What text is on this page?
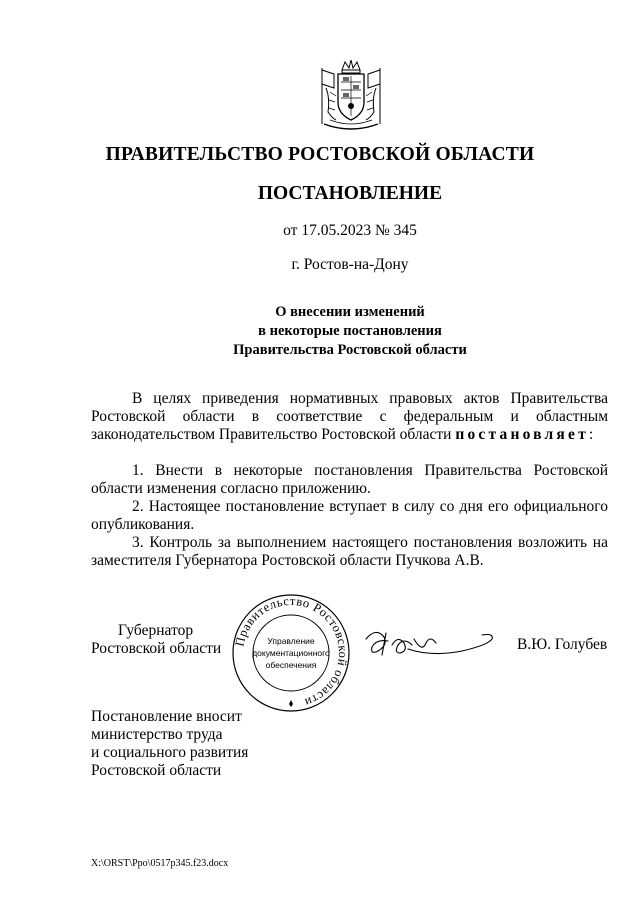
ПРАВИТЕЛЬСТВО РОСТОВСКОЙ ОБЛАСТИ
ПОСТАНОВЛЕНИЕ
от 17.05.2023 № 345
г. Ростов-на-Дону
О внесении изменений
в некоторые постановления
Правительства Ростовской области

В целях приведения нормативных правовых актов Правительства Ростовской области в соответствие с федеральным и областным законодательством Правительство Ростовской области постановляет:

1. Внести в некоторые постановления Правительства Ростовской области изменения согласно приложению.

2. Настоящее постановление вступает в силу со дня его официального опубликования.

3. Контроль за выполнением настоящего постановления возложить на заместителя Губернатора Ростовской области Пучкова А.В.

Губернатор
Ростовской области Правительство Ростовской области
Управление
документационного
обеспечения
В.Ю. Голубев
Постановление вносит
министерство труда
и социального развития
Ростовской области
X:\ORST\Ppo\0517p345.f23.docx
